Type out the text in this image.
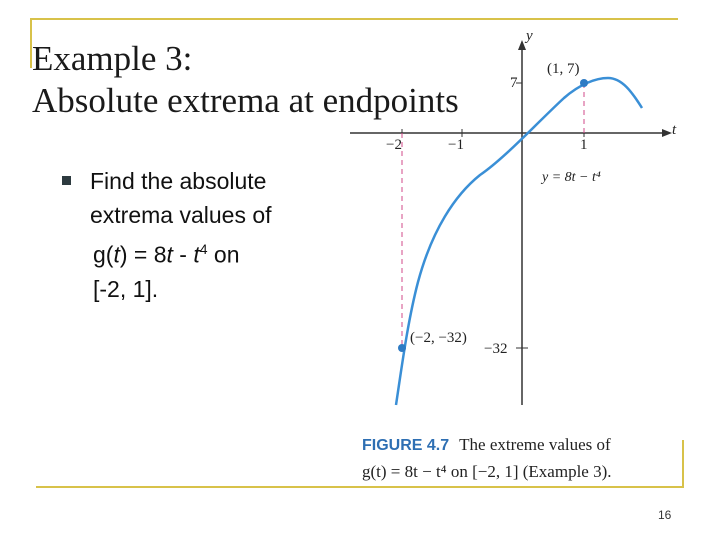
Example 3:
Absolute extrema at endpoints
Find the absolute
extrema values of
$g(t) = 8t - t^4$ on
[-2, 1].
y
t
−2	−1	1
7
−32
(1, 7)
(−2, −32)
y = 8t − t⁴
FIGURE 4.7 The extreme values of
g(t) = 8t − t⁴ on [−2, 1] (Example 3).
16
